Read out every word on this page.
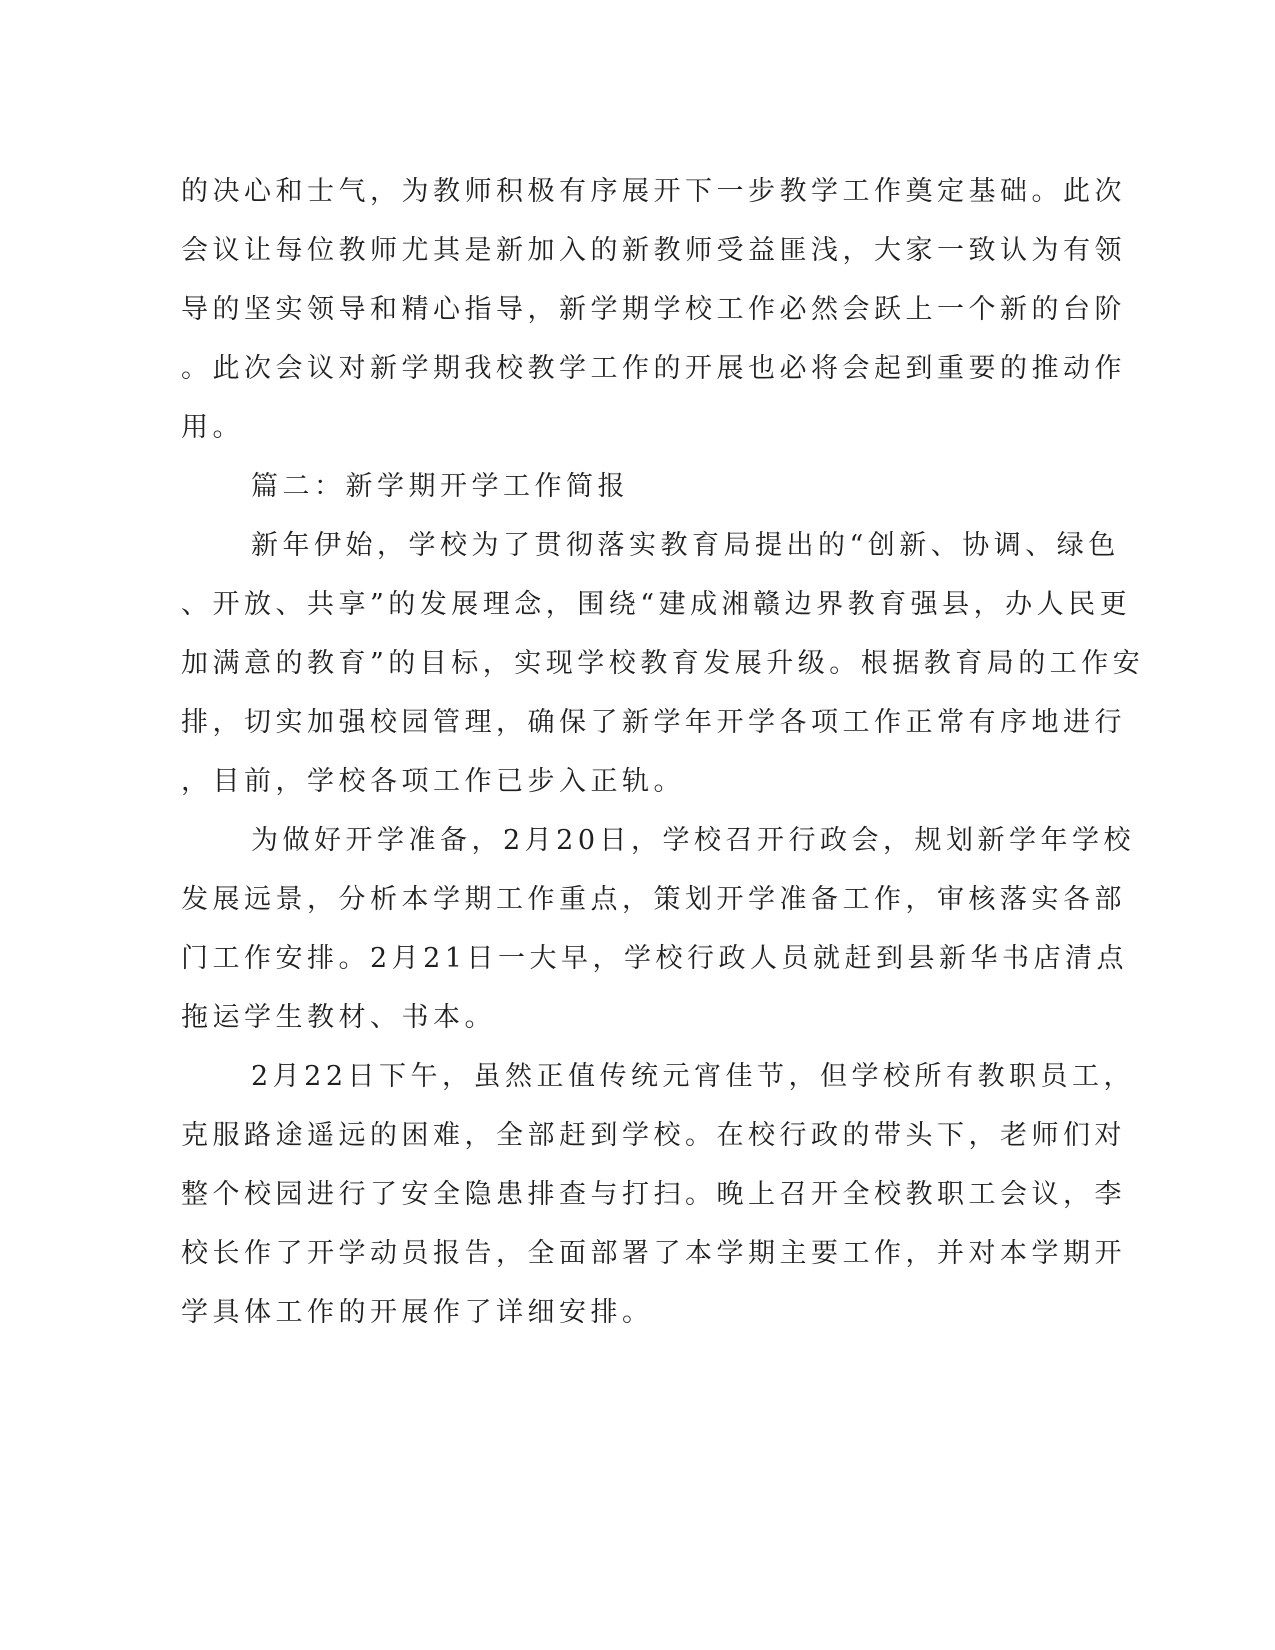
的决心和士气，为教师积极有序展开下一步教学工作奠定基础。此次
会议让每位教师尤其是新加入的新教师受益匪浅，大家一致认为有领
导的坚实领导和精心指导，新学期学校工作必然会跃上一个新的台阶
。此次会议对新学期我校教学工作的开展也必将会起到重要的推动作
用。
篇二：新学期开学工作简报
新年伊始，学校为了贯彻落实教育局提出的“创新、协调、绿色
、开放、共享”的发展理念，围绕“建成湘赣边界教育强县，办人民更
加满意的教育”的目标，实现学校教育发展升级。根据教育局的工作安
排，切实加强校园管理，确保了新学年开学各项工作正常有序地进行
，目前，学校各项工作已步入正轨。
为做好开学准备，2月20日，学校召开行政会，规划新学年学校
发展远景，分析本学期工作重点，策划开学准备工作，审核落实各部
门工作安排。2月21日一大早，学校行政人员就赶到县新华书店清点
拖运学生教材、书本。
2月22日下午，虽然正值传统元宵佳节，但学校所有教职员工，
克服路途遥远的困难，全部赶到学校。在校行政的带头下，老师们对
整个校园进行了安全隐患排查与打扫。晚上召开全校教职工会议，李
校长作了开学动员报告，全面部署了本学期主要工作，并对本学期开
学具体工作的开展作了详细安排。
